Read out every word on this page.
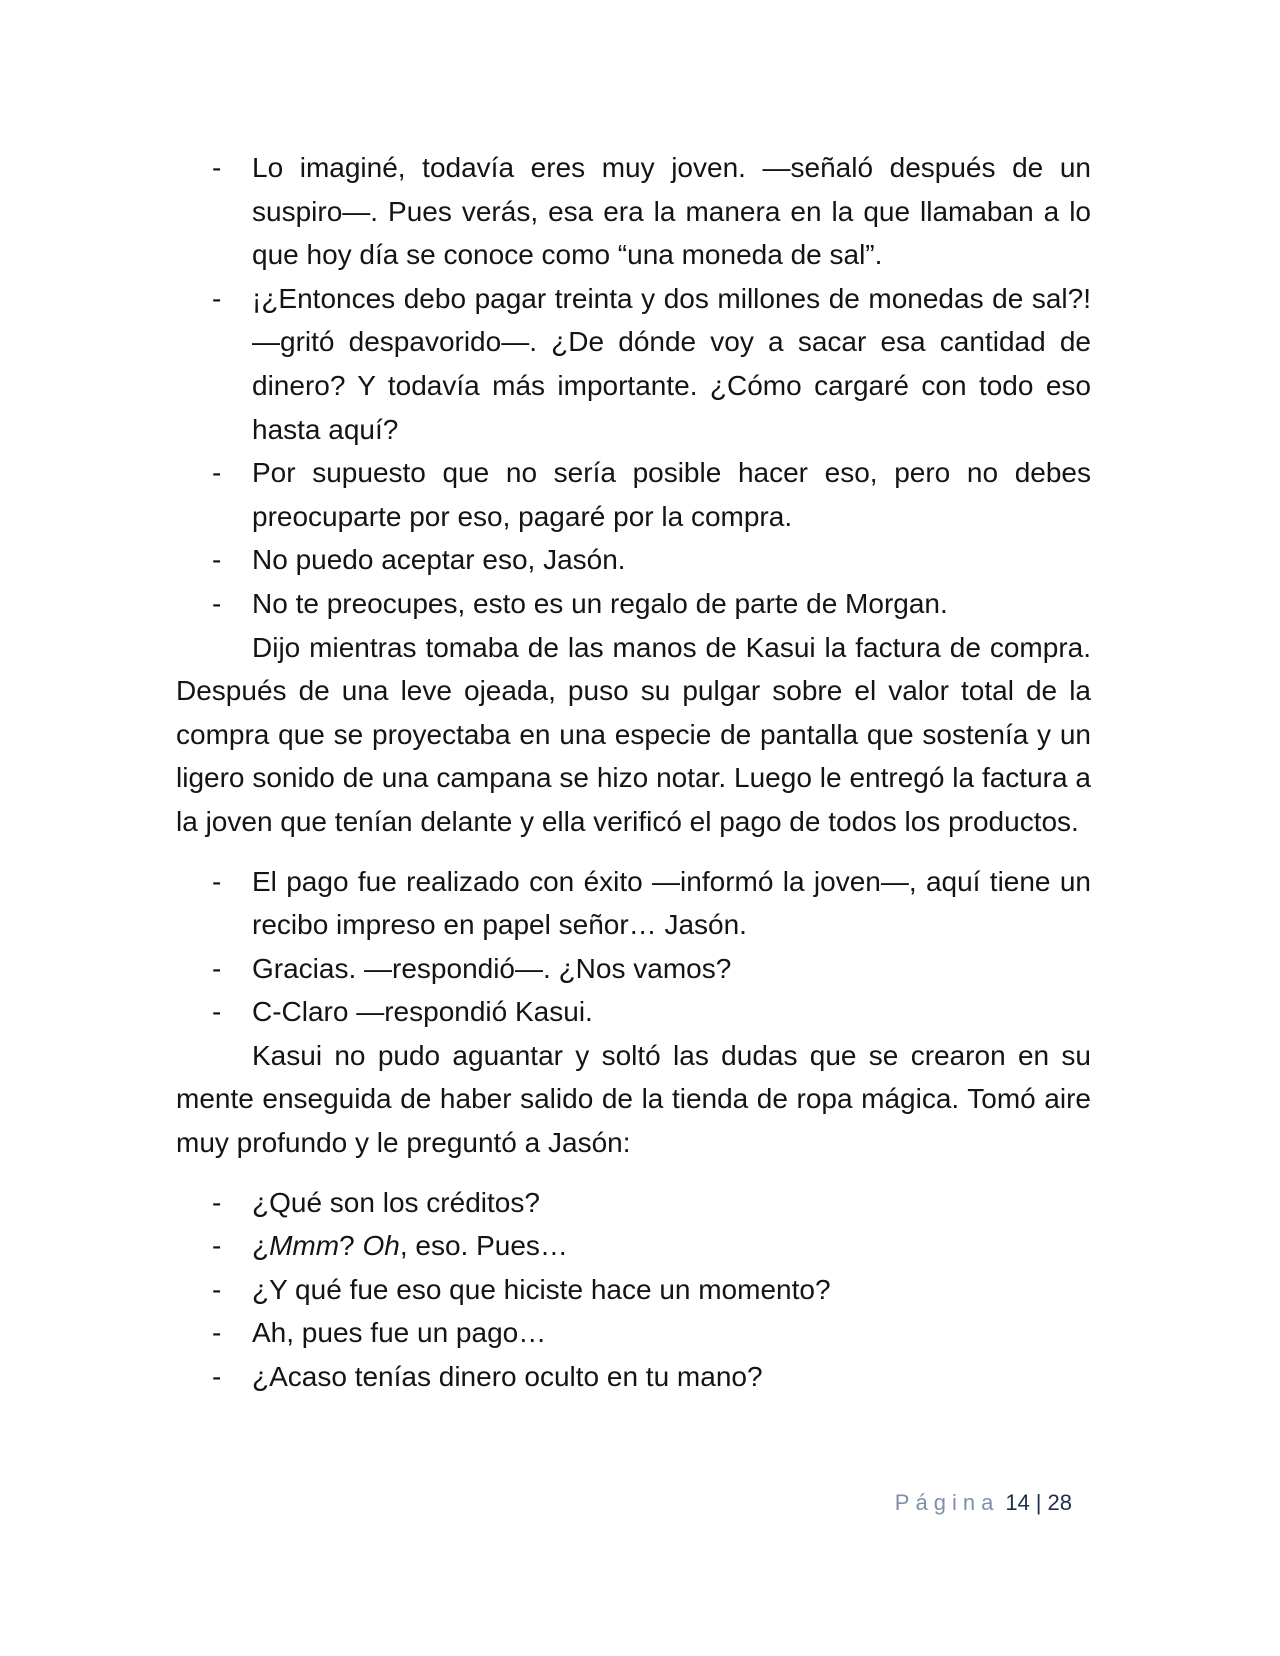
- Lo imaginé, todavía eres muy joven. —señaló después de un suspiro—. Pues verás, esa era la manera en la que llamaban a lo que hoy día se conoce como “una moneda de sal”.
- ¡¿Entonces debo pagar treinta y dos millones de monedas de sal?! —gritó despavorido—. ¿De dónde voy a sacar esa cantidad de dinero? Y todavía más importante. ¿Cómo cargaré con todo eso hasta aquí?
- Por supuesto que no sería posible hacer eso, pero no debes preocuparte por eso, pagaré por la compra.
- No puedo aceptar eso, Jasón.
- No te preocupes, esto es un regalo de parte de Morgan.

Dijo mientras tomaba de las manos de Kasui la factura de compra. Después de una leve ojeada, puso su pulgar sobre el valor total de la compra que se proyectaba en una especie de pantalla que sostenía y un ligero sonido de una campana se hizo notar. Luego le entregó la factura a la joven que tenían delante y ella verificó el pago de todos los productos.

- El pago fue realizado con éxito —informó la joven—, aquí tiene un recibo impreso en papel señor… Jasón.
- Gracias. —respondió—. ¿Nos vamos?
- C-Claro —respondió Kasui.

Kasui no pudo aguantar y soltó las dudas que se crearon en su mente enseguida de haber salido de la tienda de ropa mágica. Tomó aire muy profundo y le preguntó a Jasón:

- ¿Qué son los créditos?
- ¿Mmm? Oh, eso. Pues…
- ¿Y qué fue eso que hiciste hace un momento?
- Ah, pues fue un pago…
- ¿Acaso tenías dinero oculto en tu mano?
Página 14 | 28
